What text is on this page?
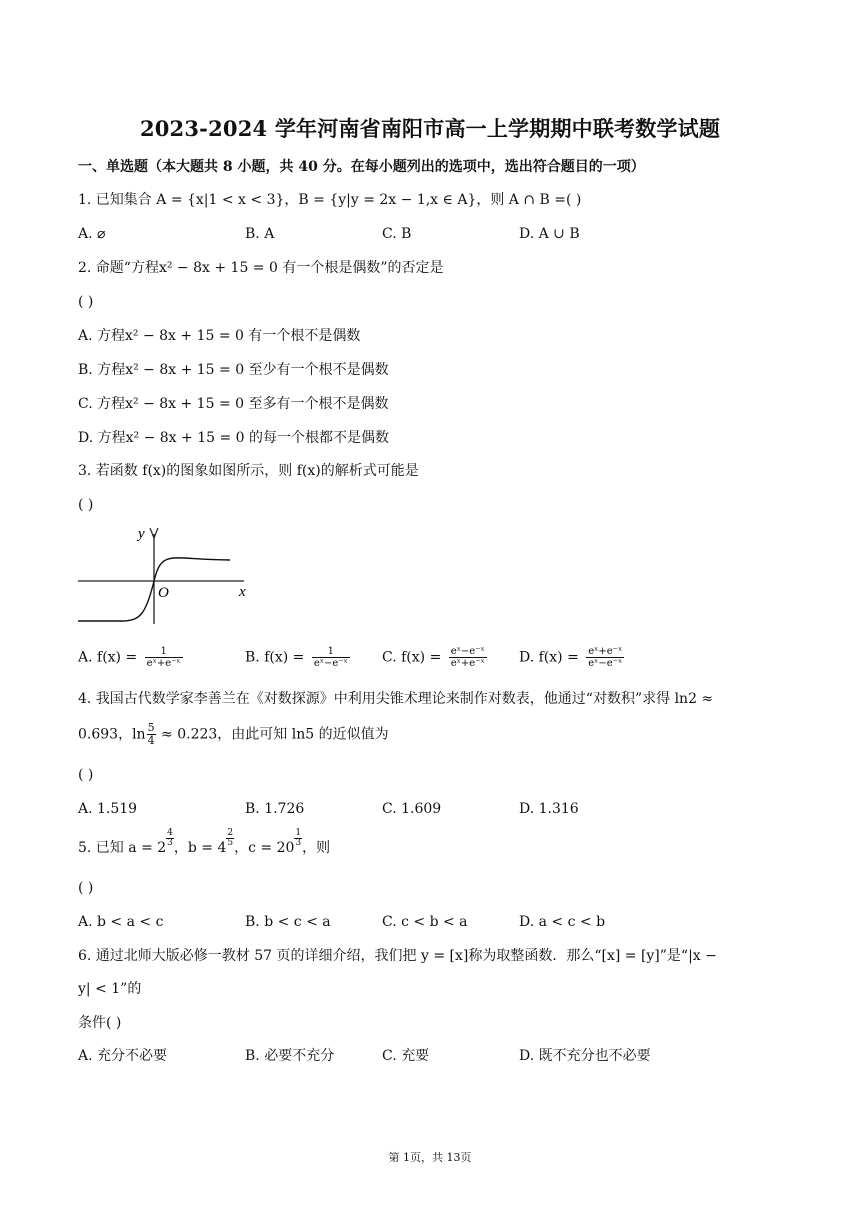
2023-2024 学年河南省南阳市高一上学期期中联考数学试题
一、单选题（本大题共 8 小题，共 40 分。在每小题列出的选项中，选出符合题目的一项）
1. 已知集合 A = {x|1 < x < 3}，B = {y|y = 2x − 1,x ∈ A}，则 A ∩ B =( )
A. ⌀	B. A	C. B	D. A ∪ B
2. 命题“方程x² − 8x + 15 = 0 有一个根是偶数”的否定是
( )
A. 方程x² − 8x + 15 = 0 有一个根不是偶数
B. 方程x² − 8x + 15 = 0 至少有一个根不是偶数
C. 方程x² − 8x + 15 = 0 至多有一个根不是偶数
D. 方程x² − 8x + 15 = 0 的每一个根都不是偶数
3. 若函数 f(x)的图象如图所示，则 f(x)的解析式可能是
( )
y
O	x
A. $f(x) = \frac{1}{\text{eˣ+e⁻ˣ}}$	B. $f(x) = \frac{1}{\text{eˣ−e⁻ˣ}} C$. $f(x) = \frac{\text{eˣ−e⁻ˣ}}{\text{eˣ+e⁻ˣ}} D$. $f(x) = \frac{\text{eˣ+e⁻ˣ}}{\text{eˣ−e⁻ˣ}}$
4. 我国古代数学家李善兰在《对数探源》中利用尖锥术理论来制作对数表，他通过“对数积”求得 ln2 ≈
0.693，$\ln \frac{5}{4} \approx 0.223$，由此可知 ln5 的近似值为
( )
A. 1.519	B. 1.726	C. 1.609	D. 1.316
5. 已知 $a = 2 \frac{4}{3}$ ，$b = 4 \frac{2}{5}$ ，$c = 20 \frac{1}{3}$ ，则
( )
A. b < a < c	B. b < c < a	C. c < b < a	D. a < c < b
6. 通过北师大版必修一教材 57 页的详细介绍，我们把 y = [x]称为取整函数．那么“[x] = [y]”是“|x −
y| < 1”的
条件( )
A. 充分不必要	B. 必要不充分	C. 充要	D. 既不充分也不必要
第 1页，共 13页
